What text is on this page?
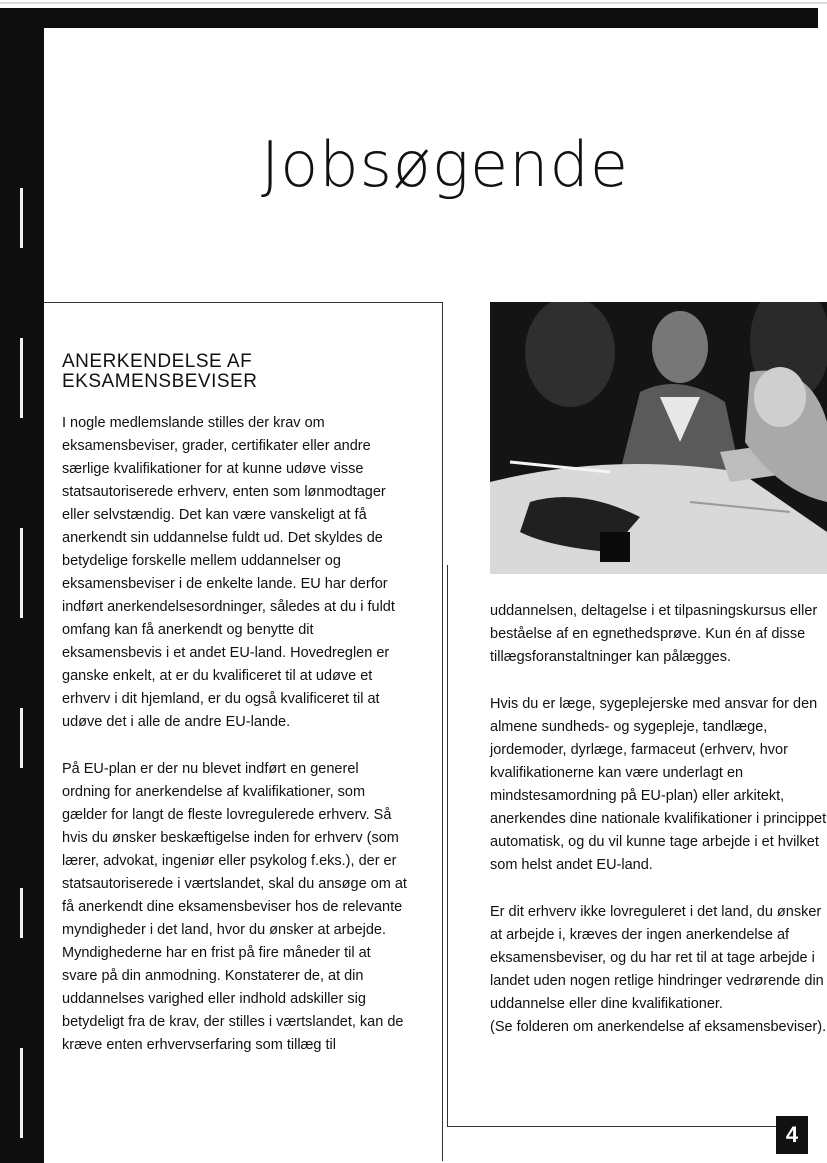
Jobsøgende
ANERKENDELSE AF
EKSAMENSBEVISER

I nogle medlemslande stilles der krav om eksamensbeviser, grader, certifikater eller andre særlige kvalifikationer for at kunne udøve visse statsautoriserede erhverv, enten som lønmodtager eller selvstændig. Det kan være vanskeligt at få anerkendt sin uddannelse fuldt ud. Det skyldes de betydelige forskelle mellem uddannelser og eksamensbeviser i de enkelte lande. EU har derfor indført anerkendelsesordninger, således at du i fuldt omfang kan få anerkendt og benytte dit eksamensbevis i et andet EU-land. Hovedreglen er ganske enkelt, at er du kvalificeret til at udøve et erhverv i dit hjemland, er du også kvalificeret til at udøve det i alle de andre EU-lande.

På EU-plan er der nu blevet indført en generel ordning for anerkendelse af kvalifikationer, som gælder for langt de fleste lovregulerede erhverv. Så hvis du ønsker beskæftigelse inden for erhverv (som lærer, advokat, ingeniør eller psykolog f.eks.), der er statsautoriserede i værtslandet, skal du ansøge om at få anerkendt dine eksamensbeviser hos de relevante myndigheder i det land, hvor du ønsker at arbejde. Myndighederne har en frist på fire måneder til at svare på din anmodning. Konstaterer de, at din uddannelses varighed eller indhold adskiller sig betydeligt fra de krav, der stilles i værtslandet, kan de kræve enten erhvervserfaring som tillæg til

uddannelsen, deltagelse i et tilpasningskursus eller beståelse af en egnethedsprøve. Kun én af disse tillægsforanstaltninger kan pålægges.

Hvis du er læge, sygeplejerske med ansvar for den almene sundheds- og sygepleje, tandlæge, jordemoder, dyrlæge, farmaceut (erhverv, hvor kvalifikationerne kan være underlagt en mindstesamordning på EU-plan) eller arkitekt, anerkendes dine nationale kvalifikationer i princippet automatisk, og du vil kunne tage arbejde i et hvilket som helst andet EU-land.

Er dit erhverv ikke lovreguleret i det land, du ønsker at arbejde i, kræves der ingen anerkendelse af eksamensbeviser, og du har ret til at tage arbejde i landet uden nogen retlige hindringer vedrørende din uddannelse eller dine kvalifikationer.
(Se folderen om anerkendelse af eksamensbeviser).

4
